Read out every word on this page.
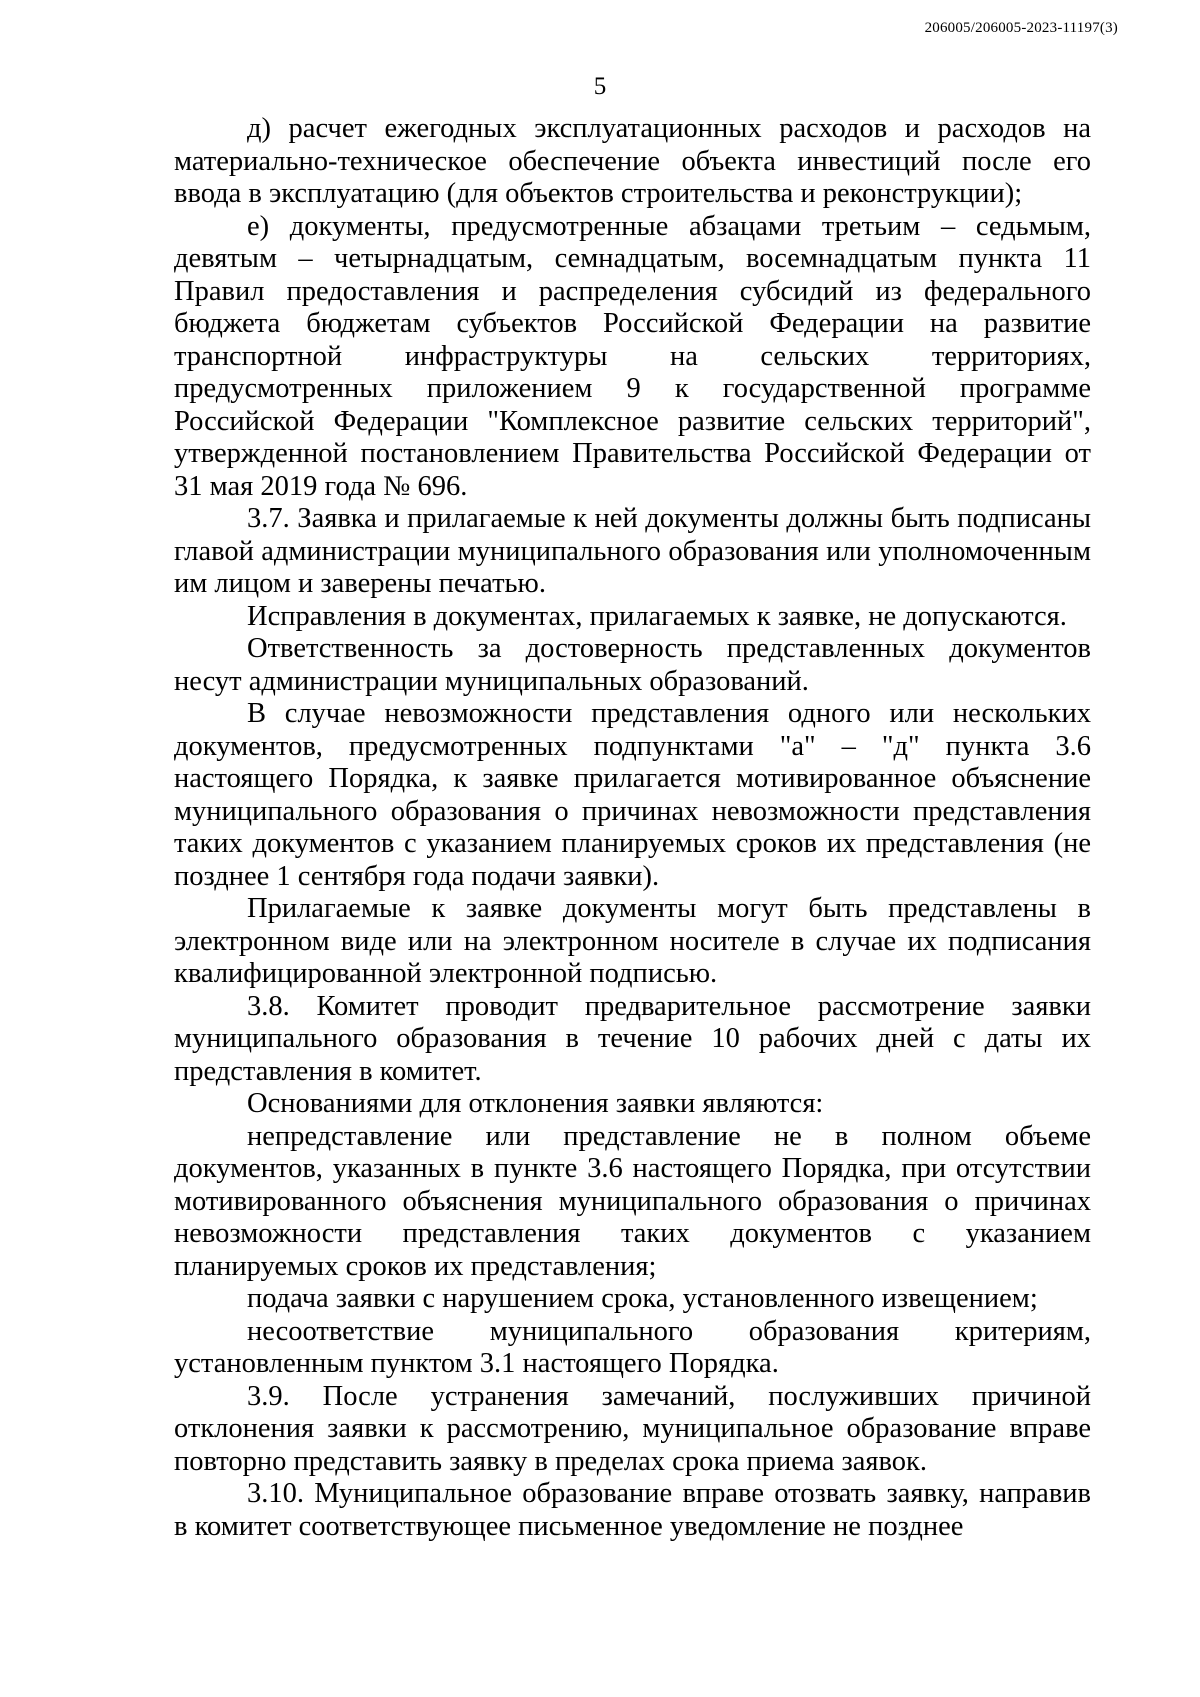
206005/206005-2023-11197(3)
5

д) расчет ежегодных эксплуатационных расходов и расходов на материально-техническое обеспечение объекта инвестиций после его ввода в эксплуатацию (для объектов строительства и реконструкции);

е) документы, предусмотренные абзацами третьим – седьмым, девятым – четырнадцатым, семнадцатым, восемнадцатым пункта 11 Правил предоставления и распределения субсидий из федерального бюджета бюджетам субъектов Российской Федерации на развитие транспортной инфраструктуры на сельских территориях, предусмотренных приложением 9 к государственной программе Российской Федерации "Комплексное развитие сельских территорий", утвержденной постановлением Правительства Российской Федерации от 31 мая 2019 года № 696.

3.7. Заявка и прилагаемые к ней документы должны быть подписаны главой администрации муниципального образования или уполномоченным им лицом и заверены печатью.

Исправления в документах, прилагаемых к заявке, не допускаются.

Ответственность за достоверность представленных документов несут администрации муниципальных образований.

В случае невозможности представления одного или нескольких документов, предусмотренных подпунктами "а" – "д" пункта 3.6 настоящего Порядка, к заявке прилагается мотивированное объяснение муниципального образования о причинах невозможности представления таких документов с указанием планируемых сроков их представления (не позднее 1 сентября года подачи заявки).

Прилагаемые к заявке документы могут быть представлены в электронном виде или на электронном носителе в случае их подписания квалифицированной электронной подписью.

3.8. Комитет проводит предварительное рассмотрение заявки муниципального образования в течение 10 рабочих дней с даты их представления в комитет.

Основаниями для отклонения заявки являются:

непредставление или представление не в полном объеме документов, указанных в пункте 3.6 настоящего Порядка, при отсутствии мотивированного объяснения муниципального образования о причинах невозможности представления таких документов с указанием планируемых сроков их представления;

подача заявки с нарушением срока, установленного извещением;

несоответствие муниципального образования критериям, установленным пунктом 3.1 настоящего Порядка.

3.9. После устранения замечаний, послуживших причиной отклонения заявки к рассмотрению, муниципальное образование вправе повторно представить заявку в пределах срока приема заявок.

3.10. Муниципальное образование вправе отозвать заявку, направив в комитет соответствующее письменное уведомление не позднее
